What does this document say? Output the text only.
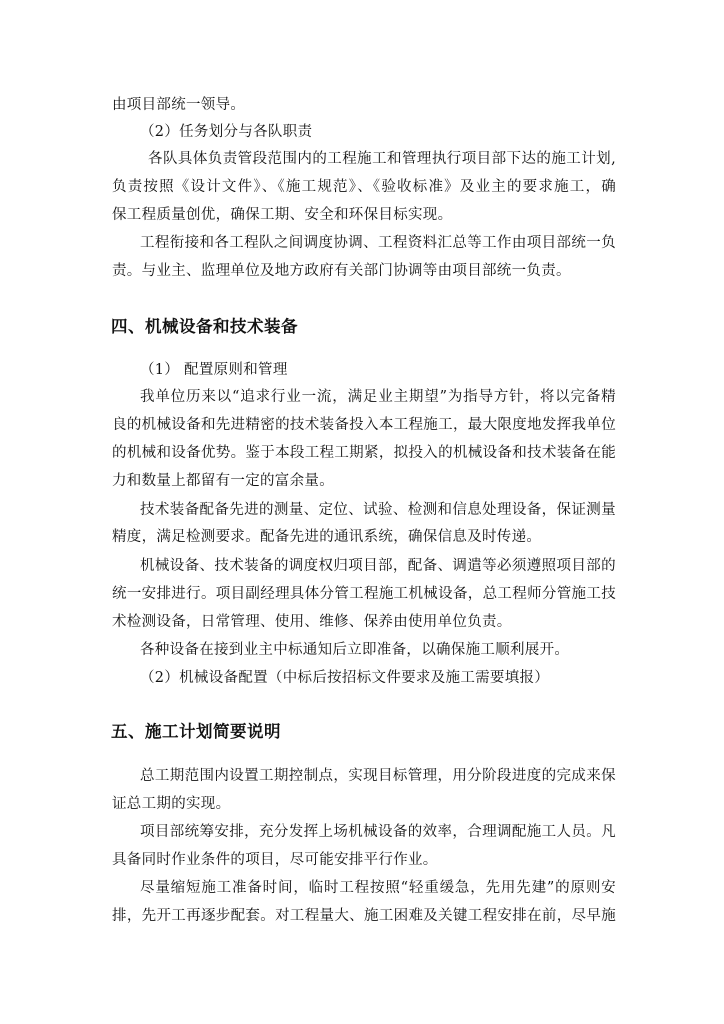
由项目部统一领导。
（2）任务划分与各队职责
各队具体负责管段范围内的工程施工和管理执行项目部下达的施工计划,
负责按照《设计文件》、《施工规范》、《验收标准》及业主的要求施工，确
保工程质量创优，确保工期、安全和环保目标实现。
工程衔接和各工程队之间调度协调、工程资料汇总等工作由项目部统一负
责。与业主、监理单位及地方政府有关部门协调等由项目部统一负责。
四、机械设备和技术装备
（1） 配置原则和管理
我单位历来以“追求行业一流，满足业主期望”为指导方针，将以完备精
良的机械设备和先进精密的技术装备投入本工程施工，最大限度地发挥我单位
的机械和设备优势。鉴于本段工程工期紧，拟投入的机械设备和技术装备在能
力和数量上都留有一定的富余量。
技术装备配备先进的测量、定位、试验、检测和信息处理设备，保证测量
精度，满足检测要求。配备先进的通讯系统，确保信息及时传递。
机械设备、技术装备的调度权归项目部，配备、调遣等必须遵照项目部的
统一安排进行。项目副经理具体分管工程施工机械设备，总工程师分管施工技
术检测设备，日常管理、使用、维修、保养由使用单位负责。
各种设备在接到业主中标通知后立即准备，以确保施工顺利展开。
（2）机械设备配置（中标后按招标文件要求及施工需要填报）
五、施工计划简要说明
总工期范围内设置工期控制点，实现目标管理，用分阶段进度的完成来保
证总工期的实现。
项目部统筹安排，充分发挥上场机械设备的效率，合理调配施工人员。凡
具备同时作业条件的项目，尽可能安排平行作业。
尽量缩短施工准备时间，临时工程按照“轻重缓急，先用先建”的原则安
排，先开工再逐步配套。对工程量大、施工困难及关键工程安排在前，尽早施
